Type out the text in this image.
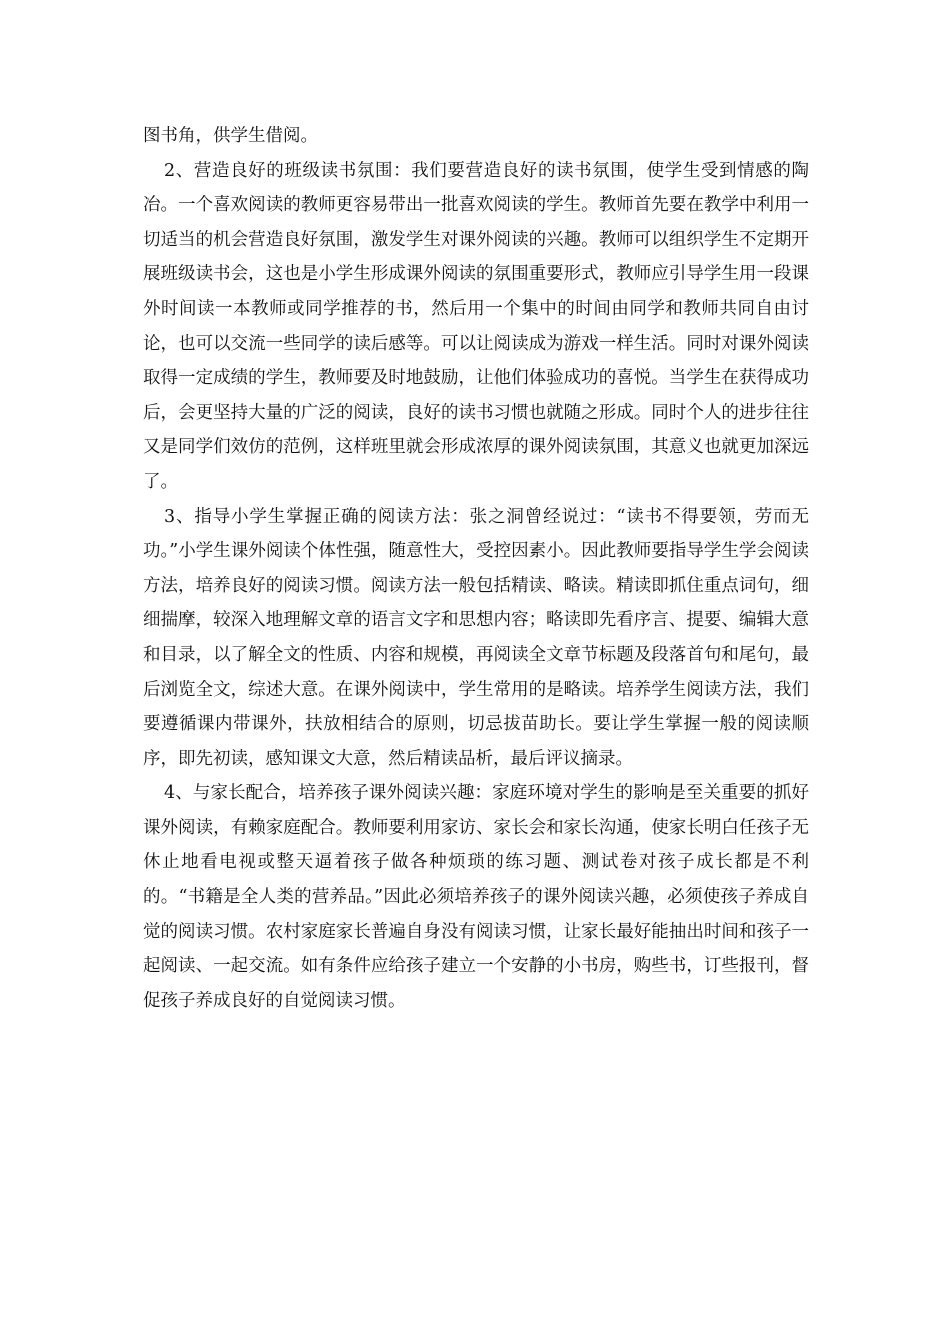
图书角，供学生借阅。

2、营造良好的班级读书氛围：我们要营造良好的读书氛围，使学生受到情感的陶冶。一个喜欢阅读的教师更容易带出一批喜欢阅读的学生。教师首先要在教学中利用一切适当的机会营造良好氛围，激发学生对课外阅读的兴趣。教师可以组织学生不定期开展班级读书会，这也是小学生形成课外阅读的氛围重要形式，教师应引导学生用一段课外时间读一本教师或同学推荐的书，然后用一个集中的时间由同学和教师共同自由讨论，也可以交流一些同学的读后感等。可以让阅读成为游戏一样生活。同时对课外阅读取得一定成绩的学生，教师要及时地鼓励，让他们体验成功的喜悦。当学生在获得成功后，会更坚持大量的广泛的阅读，良好的读书习惯也就随之形成。同时个人的进步往往又是同学们效仿的范例，这样班里就会形成浓厚的课外阅读氛围，其意义也就更加深远了。

3、指导小学生掌握正确的阅读方法：张之洞曾经说过：“读书不得要领，劳而无功。”小学生课外阅读个体性强，随意性大，受控因素小。因此教师要指导学生学会阅读方法，培养良好的阅读习惯。阅读方法一般包括精读、略读。精读即抓住重点词句，细细揣摩，较深入地理解文章的语言文字和思想内容；略读即先看序言、提要、编辑大意和目录，以了解全文的性质、内容和规模，再阅读全文章节标题及段落首句和尾句，最后浏览全文，综述大意。在课外阅读中，学生常用的是略读。培养学生阅读方法，我们要遵循课内带课外，扶放相结合的原则，切忌拔苗助长。要让学生掌握一般的阅读顺序，即先初读，感知课文大意，然后精读品析，最后评议摘录。

4、与家长配合，培养孩子课外阅读兴趣：家庭环境对学生的影响是至关重要的抓好课外阅读，有赖家庭配合。教师要利用家访、家长会和家长沟通，使家长明白任孩子无休止地看电视或整天逼着孩子做各种烦琐的练习题、测试卷对孩子成长都是不利的。“书籍是全人类的营养品。”因此必须培养孩子的课外阅读兴趣，必须使孩子养成自觉的阅读习惯。农村家庭家长普遍自身没有阅读习惯，让家长最好能抽出时间和孩子一起阅读、一起交流。如有条件应给孩子建立一个安静的小书房，购些书，订些报刊，督促孩子养成良好的自觉阅读习惯。
